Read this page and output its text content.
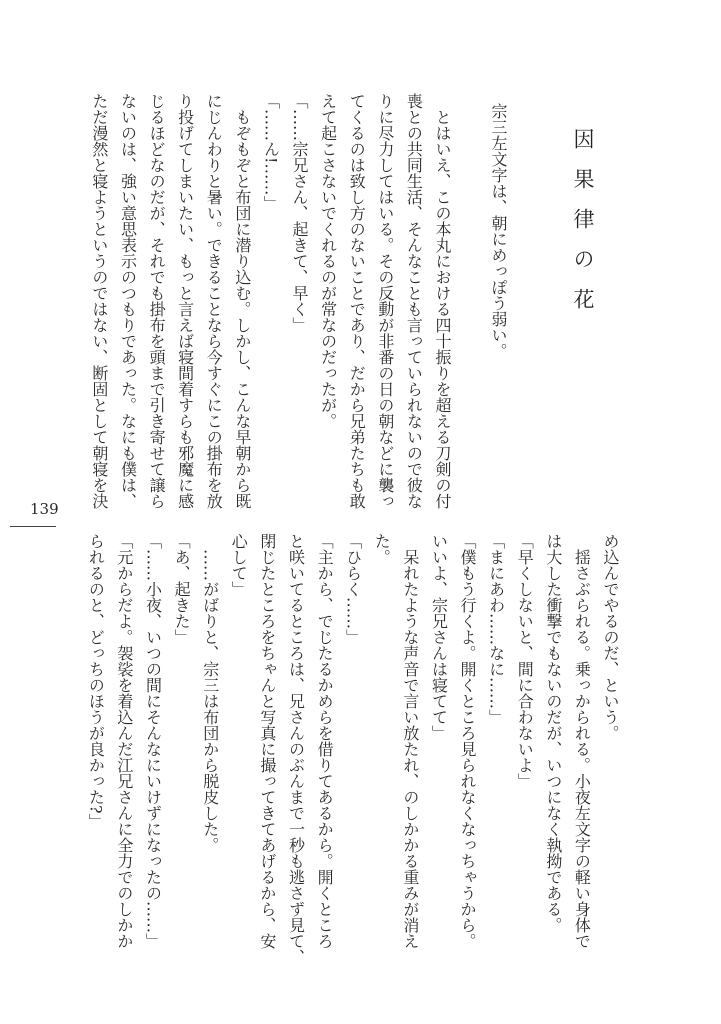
因果律の花
宗三左文字は、朝にめっぽう弱い。
とはいえ、この本丸における四十振りを超える刀剣の付
喪との共同生活、そんなことも言っていられないので彼な
りに尽力してはいる。その反動が非番の日の朝などに襲っ
てくるのは致し方のないことであり、だから兄弟たちも敢
えて起こさないでくれるのが常なのだったが。
「……宗兄さん、起きて、早く」
「……ん!……」
もぞもぞと布団に潜り込む。しかし、こんな早朝から既
にじんわりと暑い。できることなら今すぐにこの掛布を放
り投げてしまいたい、もっと言えば寝間着すらも邪魔に感
じるほどなのだが、それでも掛布を頭まで引き寄せて譲ら
ないのは、強い意思表示のつもりであった。なにも僕は、
ただ漫然と寝ようというのではない、断固として朝寝を決
め込んでやるのだ、という。
揺さぶられる。乗っかられる。小夜左文字の軽い身体で
は大した衝撃でもないのだが、いつになく執拗である。
「早くしないと、間に合わないよ」
「まにあわ……なに……」
「僕もう行くよ。開くところ見られなくなっちゃうから。
いいよ、宗兄さんは寝てて」
呆れたような声音で言い放たれ、のしかかる重みが消え
た。
「ひらく……」
「主から、でじたるかめらを借りてあるから。開くところ
と咲いてるところは、兄さんのぶんまで一秒も逃さず見て、
閉じたところをちゃんと写真に撮ってきてあげるから、安
心して」
……がばりと、宗三は布団から脱皮した。
「あ、起きた」
「……小夜、いつの間にそんなにいけずになったの……」
「元からだよ。袈裟を着込んだ江兄さんに全力でのしかか
られるのと、どっちのほうが良かった?」
139
